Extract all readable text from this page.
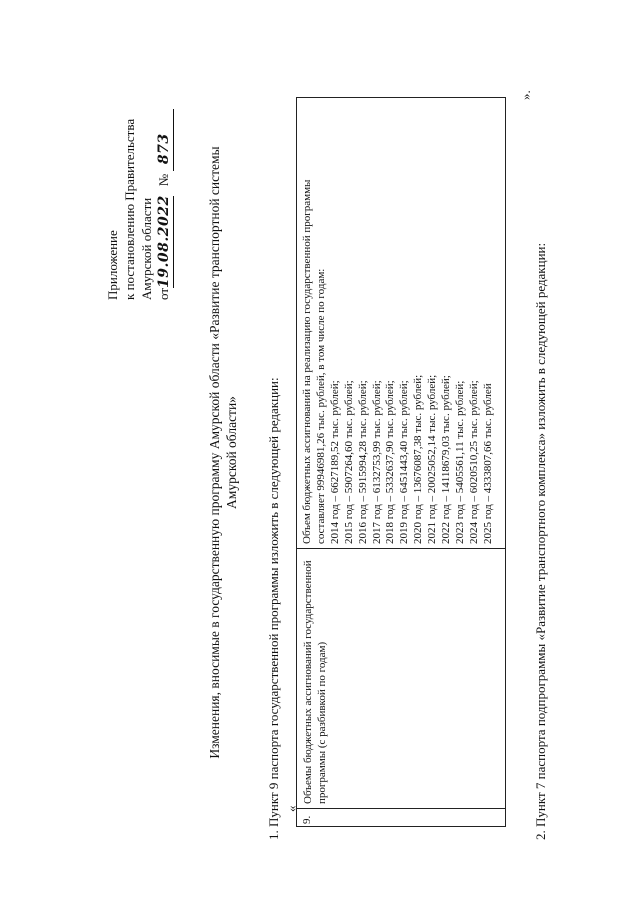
Приложение к постановлению Правительства Амурской области от19.08.2022   №   873	Изменения, вносимые в государственную программу Амурской области «Развитие транспортной системы Амурской области» 1. Пункт 9 паспорта государственной программы изложить в следующей редакции: «
9.
Объемы бюджетных ассигнований государственной программы (с разбивкой по годам)
Объем бюджетных ассигнований на реализацию государственной программы составляет 99946981,26 тыс. рублей, в том числе по годам: 2014 год – 6627189,52 тыс. рублей; 2015 год – 5907264,60 тыс. рублей; 2016 год – 5915994,28 тыс. рублей; 2017 год – 6132753,99 тыс. рублей; 2018 год – 5332637,90 тыс. рублей; 2019 год – 6451443,40 тыс. рублей; 2020 год – 13676087,38 тыс. рублей; 2021 год – 20025052,14 тыс. рублей; 2022 год – 14118679,03 тыс. рублей; 2023 год – 5405561,11 тыс. рублей; 2024 год – 6020510,25 тыс. рублей; 2025 год – 4333807,66 тыс. рублей
».
2. Пункт 7 паспорта подпрограммы «Развитие транспортного комплекса» изложить в следующей редакции:
